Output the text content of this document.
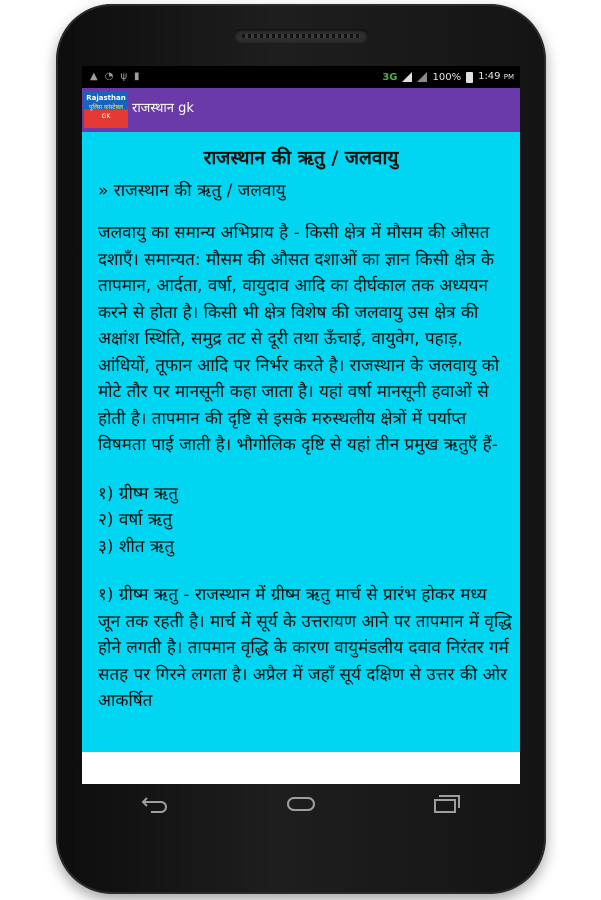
▲ ◔ ψ ▮	3G	100% 1:49 PM
Rajasthan
पुलिस कांस्टेबल
GK
राजस्थान gk
राजस्थान की ऋतु / जलवायु
» राजस्थान की ऋतु / जलवायु

जलवायु का समान्य अभिप्राय है - किसी क्षेत्र में मौसम की औसत दशाएँ। समान्यत: मौसम की औसत दशाओं का ज्ञान किसी क्षेत्र के तापमान, आर्दता, वर्षा, वायुदाव आदि का दीर्घकाल तक अध्ययन करने से होता है। किसी भी क्षेत्र विशेष की जलवायु उस क्षेत्र की अक्षांश स्थिति, समुद्र तट से दूरी तथा ऊँचाई, वायुवेग, पहाड़, आंधियों, तूफान आदि पर निर्भर करते है। राजस्थान के जलवायु को मोटे तौर पर मानसूनी कहा जाता है। यहां वर्षा मानसूनी हवाओं से होती है। तापमान की दृष्टि से इसके मरुस्थलीय क्षेत्रों में पर्याप्त विषमता पाई जाती है। भौगोलिक दृष्टि से यहां तीन प्रमुख ऋतुएँ हैं-

१) ग्रीष्म ऋतु
२) वर्षा ऋतु
३) शीत ऋतु

१) ग्रीष्म ऋतु - राजस्थान में ग्रीष्म ऋतु मार्च से प्रारंभ होकर मध्य जून तक रहती है। मार्च में सूर्य के उत्तरायण आने पर तापमान में वृद्धि होने लगती है। तापमान वृद्धि के कारण वायुमंडलीय दवाव निरंतर गर्म सतह पर गिरने लगता है। अप्रैल में जहाँ सूर्य दक्षिण से उत्तर की ओर आकर्षित
